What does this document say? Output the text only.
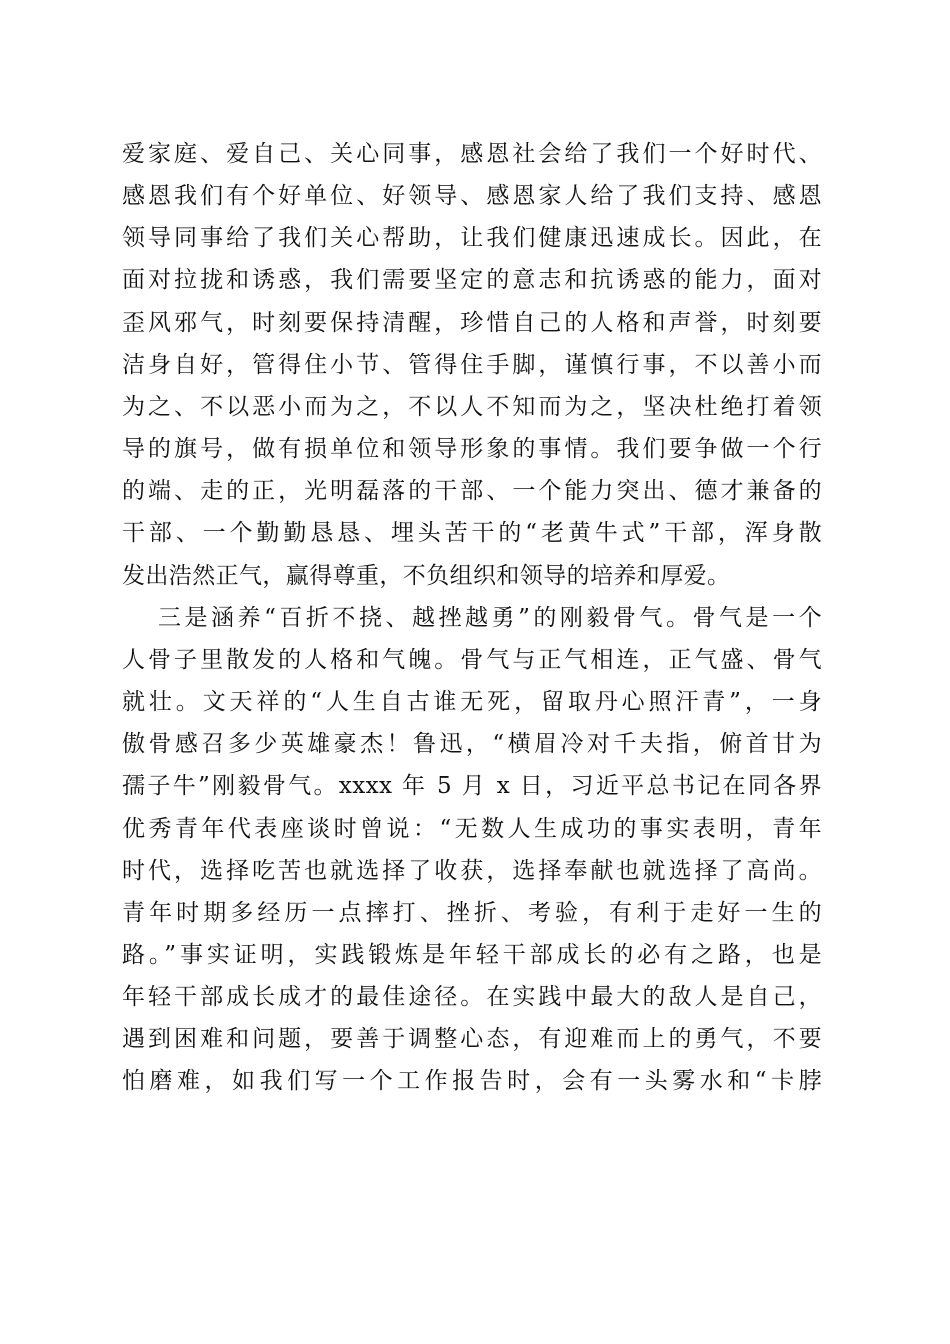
爱家庭、爱自己、关心同事，感恩社会给了我们一个好时代、
感恩我们有个好单位、好领导、感恩家人给了我们支持、感恩
领导同事给了我们关心帮助，让我们健康迅速成长。因此，在
面对拉拢和诱惑，我们需要坚定的意志和抗诱惑的能力，面对
歪风邪气，时刻要保持清醒，珍惜自己的人格和声誉，时刻要
洁身自好，管得住小节、管得住手脚，谨慎行事，不以善小而
为之、不以恶小而为之，不以人不知而为之，坚决杜绝打着领
导的旗号，做有损单位和领导形象的事情。我们要争做一个行
的端、走的正，光明磊落的干部、一个能力突出、德才兼备的
干部、一个勤勤恳恳、埋头苦干的“老黄牛式”干部，浑身散
发出浩然正气，赢得尊重，不负组织和领导的培养和厚爱。
三是涵养“百折不挠、越挫越勇”的刚毅骨气。骨气是一个
人骨子里散发的人格和气魄。骨气与正气相连，正气盛、骨气
就壮。文天祥的“人生自古谁无死，留取丹心照汗青”，一身
傲骨感召多少英雄豪杰！鲁迅，“横眉冷对千夫指，俯首甘为
孺子牛”刚毅骨气。xxxx 年 5 月 x 日，习近平总书记在同各界
优秀青年代表座谈时曾说：“无数人生成功的事实表明，青年
时代，选择吃苦也就选择了收获，选择奉献也就选择了高尚。
青年时期多经历一点摔打、挫折、考验，有利于走好一生的
路。”事实证明，实践锻炼是年轻干部成长的必有之路，也是
年轻干部成长成才的最佳途径。在实践中最大的敌人是自己，
遇到困难和问题，要善于调整心态，有迎难而上的勇气，不要
怕磨难，如我们写一个工作报告时，会有一头雾水和“卡脖
